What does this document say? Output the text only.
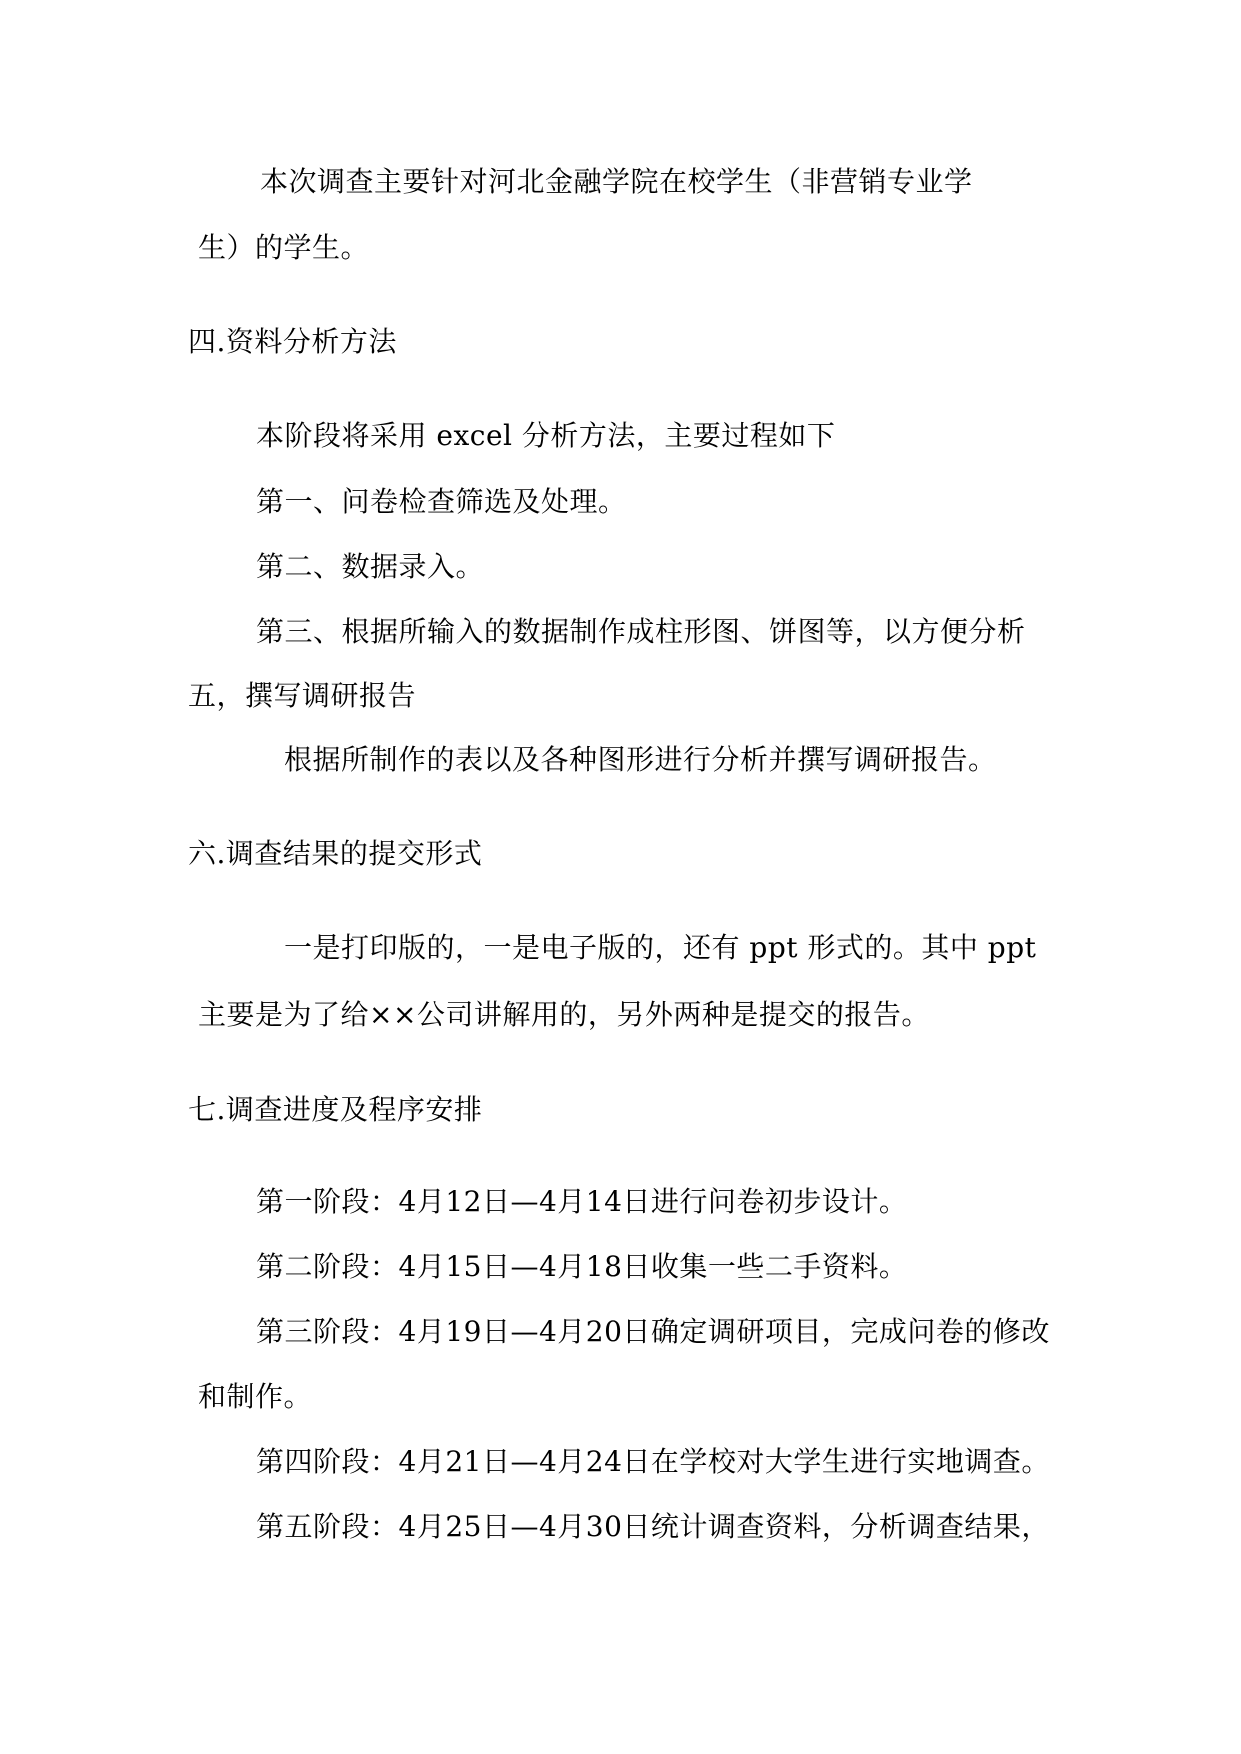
本次调查主要针对河北金融学院在校学生（非营销专业学
生）的学生。
四.资料分析方法
本阶段将采用 excel 分析方法，主要过程如下
第一、问卷检查筛选及处理。
第二、数据录入。
第三、根据所输入的数据制作成柱形图、饼图等，以方便分析
五，撰写调研报告
根据所制作的表以及各种图形进行分析并撰写调研报告。
六.调查结果的提交形式
一是打印版的，一是电子版的，还有 ppt 形式的。其中 ppt
主要是为了给××公司讲解用的，另外两种是提交的报告。
七.调查进度及程序安排
第一阶段：4月12日—4月14日进行问卷初步设计。
第二阶段：4月15日—4月18日收集一些二手资料。
第三阶段：4月19日—4月20日确定调研项目，完成问卷的修改
和制作。
第四阶段：4月21日—4月24日在学校对大学生进行实地调查。
第五阶段：4月25日—4月30日统计调查资料，分析调查结果，
